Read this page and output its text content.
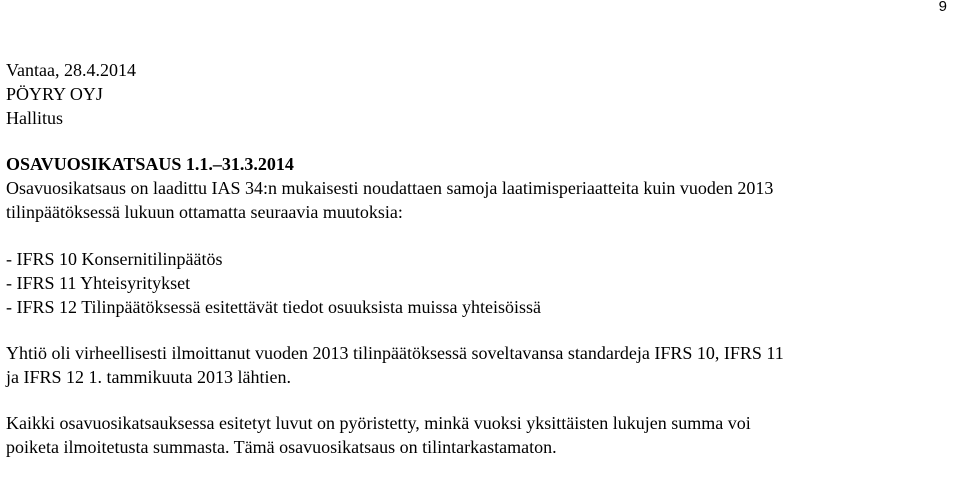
9
Vantaa, 28.4.2014
PÖYRY OYJ
Hallitus
OSAVUOSIKATSAUS 1.1.–31.3.2014
Osavuosikatsaus on laadittu IAS 34:n mukaisesti noudattaen samoja laatimisperiaatteita kuin vuoden 2013
tilinpäätöksessä lukuun ottamatta seuraavia muutoksia:
- IFRS 10 Konsernitilinpäätös
- IFRS 11 Yhteisyritykset
- IFRS 12 Tilinpäätöksessä esitettävät tiedot osuuksista muissa yhteisöissä
Yhtiö oli virheellisesti ilmoittanut vuoden 2013 tilinpäätöksessä soveltavansa standardeja IFRS 10, IFRS 11
ja IFRS 12 1. tammikuuta 2013 lähtien.
Kaikki osavuosikatsauksessa esitetyt luvut on pyöristetty, minkä vuoksi yksittäisten lukujen summa voi
poiketa ilmoitetusta summasta. Tämä osavuosikatsaus on tilintarkastamaton.
